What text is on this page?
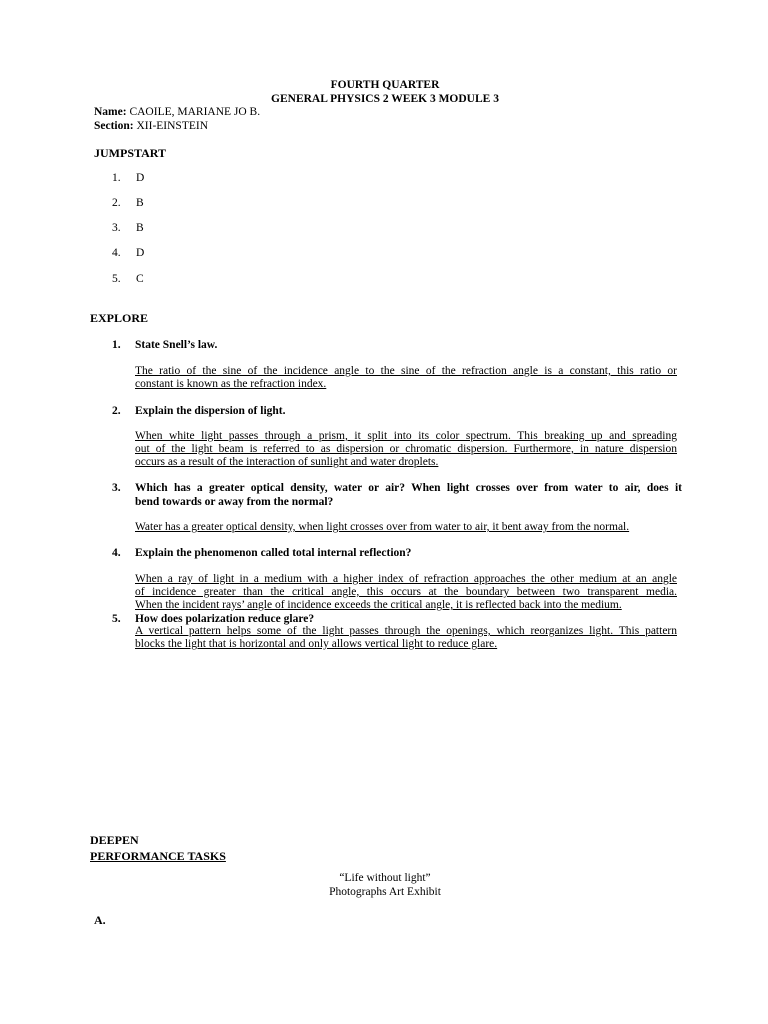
FOURTH QUARTER
GENERAL PHYSICS 2 WEEK 3 MODULE 3
Name: CAOILE, MARIANE JO B.
Section: XII-EINSTEIN
JUMPSTART
1. D
2. B
3. B
4. D
5. C
EXPLORE
1. State Snell’s law.
The ratio of the sine of the incidence angle to the sine of the refraction angle is a constant, this ratio or
constant is known as the refraction index.
2. Explain the dispersion of light.
When white light passes through a prism, it split into its color spectrum. This breaking up and spreading
out of the light beam is referred to as dispersion or chromatic dispersion. Furthermore, in nature dispersion
occurs as a result of the interaction of sunlight and water droplets.
3. Which has a greater optical density, water or air? When light crosses over from water to air, does it
bend towards or away from the normal?
Water has a greater optical density, when light crosses over from water to air, it bent away from the normal.
4. Explain the phenomenon called total internal reflection?
When a ray of light in a medium with a higher index of refraction approaches the other medium at an angle
of incidence greater than the critical angle, this occurs at the boundary between two transparent media.
When the incident rays’ angle of incidence exceeds the critical angle, it is reflected back into the medium.
5. How does polarization reduce glare?
A vertical pattern helps some of the light passes through the openings, which reorganizes light. This pattern
blocks the light that is horizontal and only allows vertical light to reduce glare.
DEEPEN
PERFORMANCE TASKS
“Life without light”
Photographs Art Exhibit
A.
